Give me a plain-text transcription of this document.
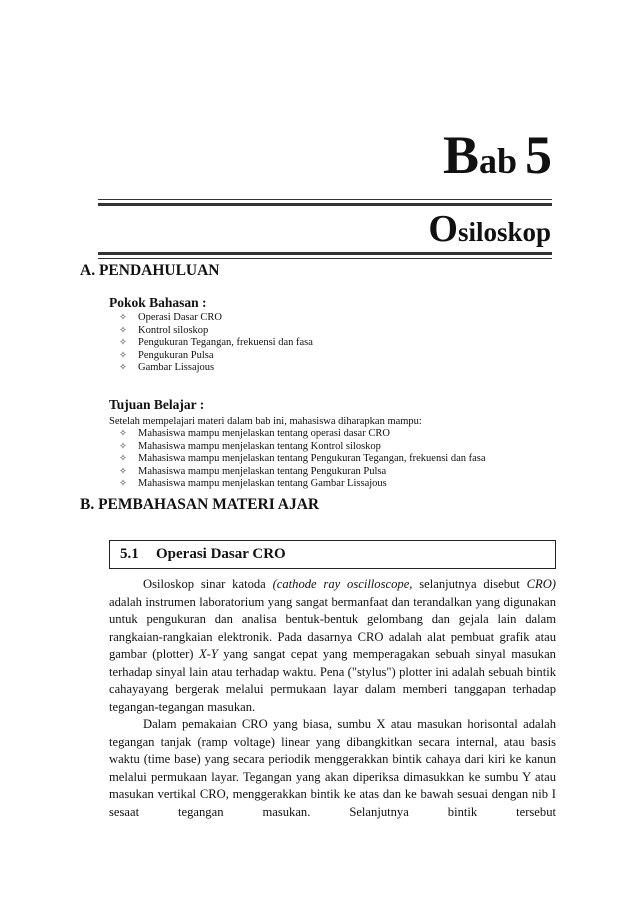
Bab 5
Osiloskop
A. PENDAHULUAN
Pokok Bahasan :
✧	Operasi Dasar CRO
✧	Kontrol siloskop
✧	Pengukuran Tegangan, frekuensi dan fasa
✧	Pengukuran Pulsa
✧	Gambar Lissajous
Tujuan Belajar :
Setelah mempelajari materi dalam bab ini, mahasiswa diharapkan mampu:
✧	Mahasiswa mampu menjelaskan tentang operasi dasar CRO
✧	Mahasiswa mampu menjelaskan tentang Kontrol siloskop
✧	Mahasiswa mampu menjelaskan tentang Pengukuran Tegangan, frekuensi dan fasa
✧	Mahasiswa mampu menjelaskan tentang Pengukuran Pulsa
✧	Mahasiswa mampu menjelaskan tentang Gambar Lissajous
B. PEMBAHASAN MATERI AJAR
5.1	Operasi Dasar CRO

Osiloskop sinar katoda (cathode ray oscilloscope, selanjutnya disebut CRO) adalah instrumen laboratorium yang sangat bermanfaat dan terandalkan yang digunakan untuk pengukuran dan analisa bentuk-bentuk gelombang dan gejala lain dalam rangkaian-rangkaian elektronik. Pada dasarnya CRO adalah alat pembuat grafik atau gambar (plotter) X-Y yang sangat cepat yang memperagakan sebuah sinyal masukan terhadap sinyal lain atau terhadap waktu. Pena ("stylus") plotter ini adalah sebuah bintik cahayayang bergerak melalui permukaan layar dalam memberi tanggapan terhadap tegangan-tegangan masukan.

Dalam pemakaian CRO yang biasa, sumbu X atau masukan horisontal adalah tegangan tanjak (ramp voltage) linear yang dibangkitkan secara internal, atau basis waktu (time base) yang secara periodik menggerakkan bintik cahaya dari kiri ke kanun melalui permukaan layar. Tegangan yang akan diperiksa dimasukkan ke sumbu Y atau masukan vertikal CRO, menggerakkan bintik ke atas dan ke bawah sesuai dengan nib I sesaat tegangan masukan. Selanjutnya bintik tersebut
